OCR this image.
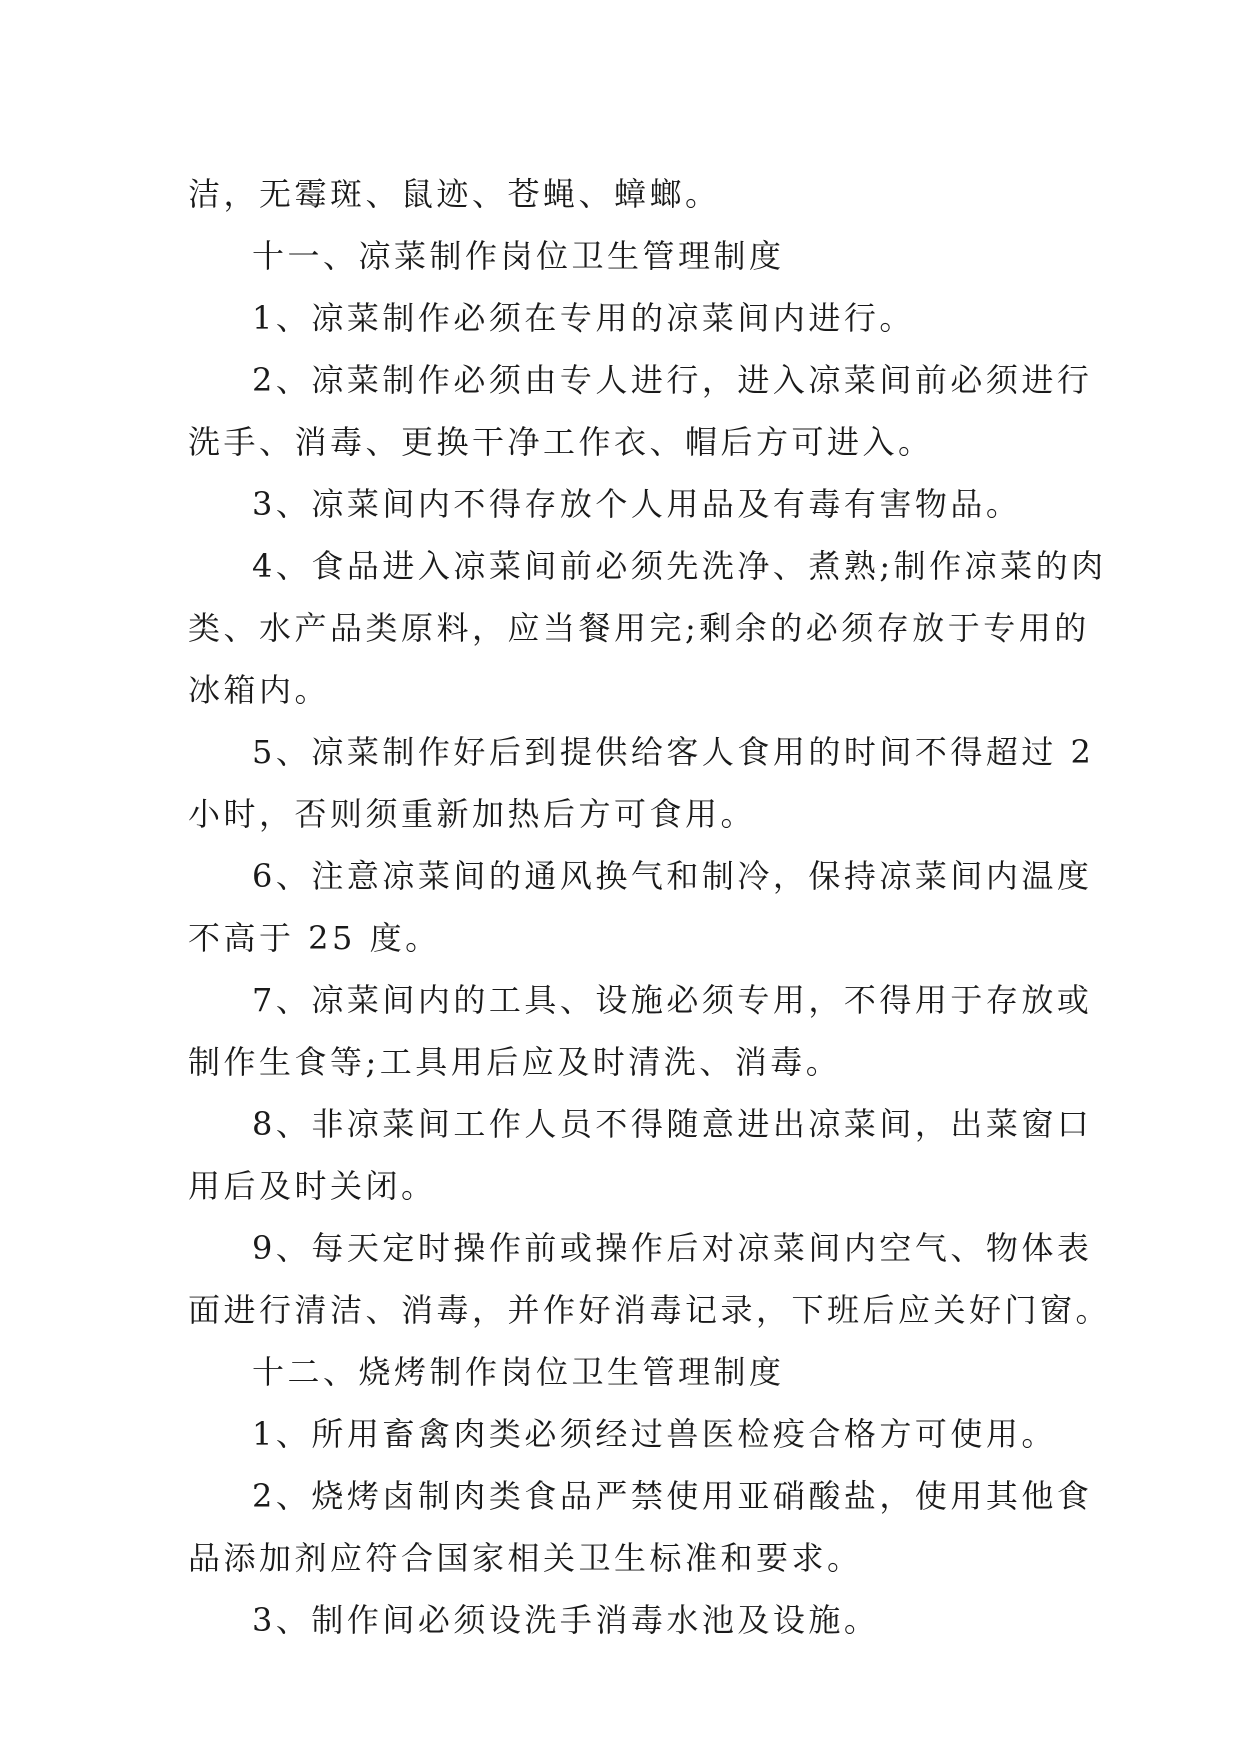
洁，无霉斑、鼠迹、苍蝇、蟑螂。
十一、凉菜制作岗位卫生管理制度
1、凉菜制作必须在专用的凉菜间内进行。
2、凉菜制作必须由专人进行，进入凉菜间前必须进行
洗手、消毒、更换干净工作衣、帽后方可进入。
3、凉菜间内不得存放个人用品及有毒有害物品。
4、食品进入凉菜间前必须先洗净、煮熟;制作凉菜的肉
类、水产品类原料，应当餐用完;剩余的必须存放于专用的
冰箱内。
5、凉菜制作好后到提供给客人食用的时间不得超过 2
小时，否则须重新加热后方可食用。
6、注意凉菜间的通风换气和制冷，保持凉菜间内温度
不高于 25 度。
7、凉菜间内的工具、设施必须专用，不得用于存放或
制作生食等;工具用后应及时清洗、消毒。
8、非凉菜间工作人员不得随意进出凉菜间，出菜窗口
用后及时关闭。
9、每天定时操作前或操作后对凉菜间内空气、物体表
面进行清洁、消毒，并作好消毒记录，下班后应关好门窗。
十二、烧烤制作岗位卫生管理制度
1、所用畜禽肉类必须经过兽医检疫合格方可使用。
2、烧烤卤制肉类食品严禁使用亚硝酸盐，使用其他食
品添加剂应符合国家相关卫生标准和要求。
3、制作间必须设洗手消毒水池及设施。
